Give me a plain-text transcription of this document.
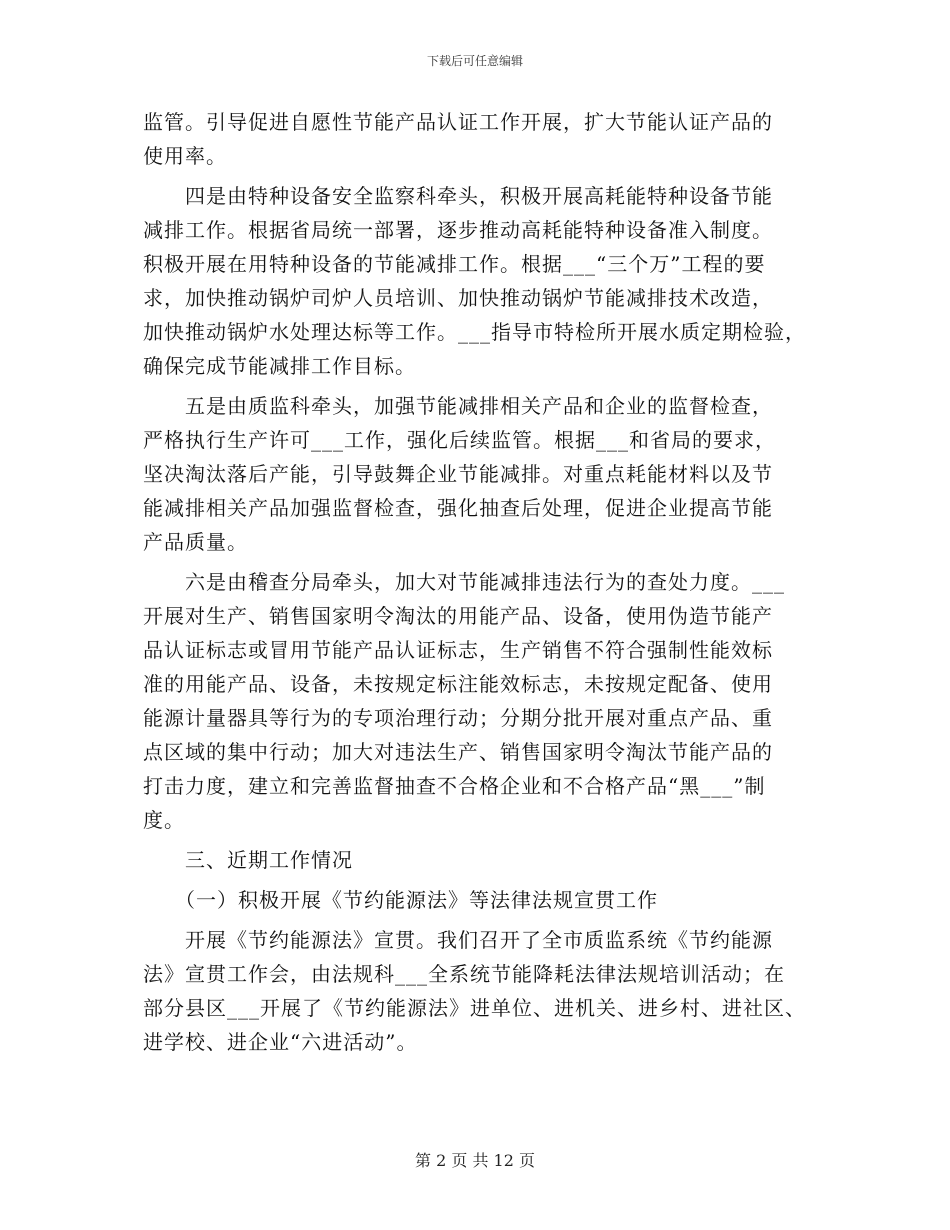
下载后可任意编辑
监管。引导促进自愿性节能产品认证工作开展，扩大节能认证产品的
使用率。
　　四是由特种设备安全监察科牵头，积极开展高耗能特种设备节能
减排工作。根据省局统一部署，逐步推动高耗能特种设备准入制度。
积极开展在用特种设备的节能减排工作。根据___“三个万”工程的要
求，加快推动锅炉司炉人员培训、加快推动锅炉节能减排技术改造，
加快推动锅炉水处理达标等工作。___指导市特检所开展水质定期检验，
确保完成节能减排工作目标。
　　五是由质监科牵头，加强节能减排相关产品和企业的监督检查，
严格执行生产许可___工作，强化后续监管。根据___和省局的要求，
坚决淘汰落后产能，引导鼓舞企业节能减排。对重点耗能材料以及节
能减排相关产品加强监督检查，强化抽查后处理，促进企业提高节能
产品质量。
　　六是由稽查分局牵头，加大对节能减排违法行为的查处力度。___
开展对生产、销售国家明令淘汰的用能产品、设备，使用伪造节能产
品认证标志或冒用节能产品认证标志，生产销售不符合强制性能效标
准的用能产品、设备，未按规定标注能效标志，未按规定配备、使用
能源计量器具等行为的专项治理行动；分期分批开展对重点产品、重
点区域的集中行动；加大对违法生产、销售国家明令淘汰节能产品的
打击力度，建立和完善监督抽查不合格企业和不合格产品“黑___”制
度。
　　三、近期工作情况
　　（一）积极开展《节约能源法》等法律法规宣贯工作
　　开展《节约能源法》宣贯。我们召开了全市质监系统《节约能源
法》宣贯工作会，由法规科___全系统节能降耗法律法规培训活动；在
部分县区___开展了《节约能源法》进单位、进机关、进乡村、进社区、
进学校、进企业“六进活动”。
第 2 页 共 12 页
